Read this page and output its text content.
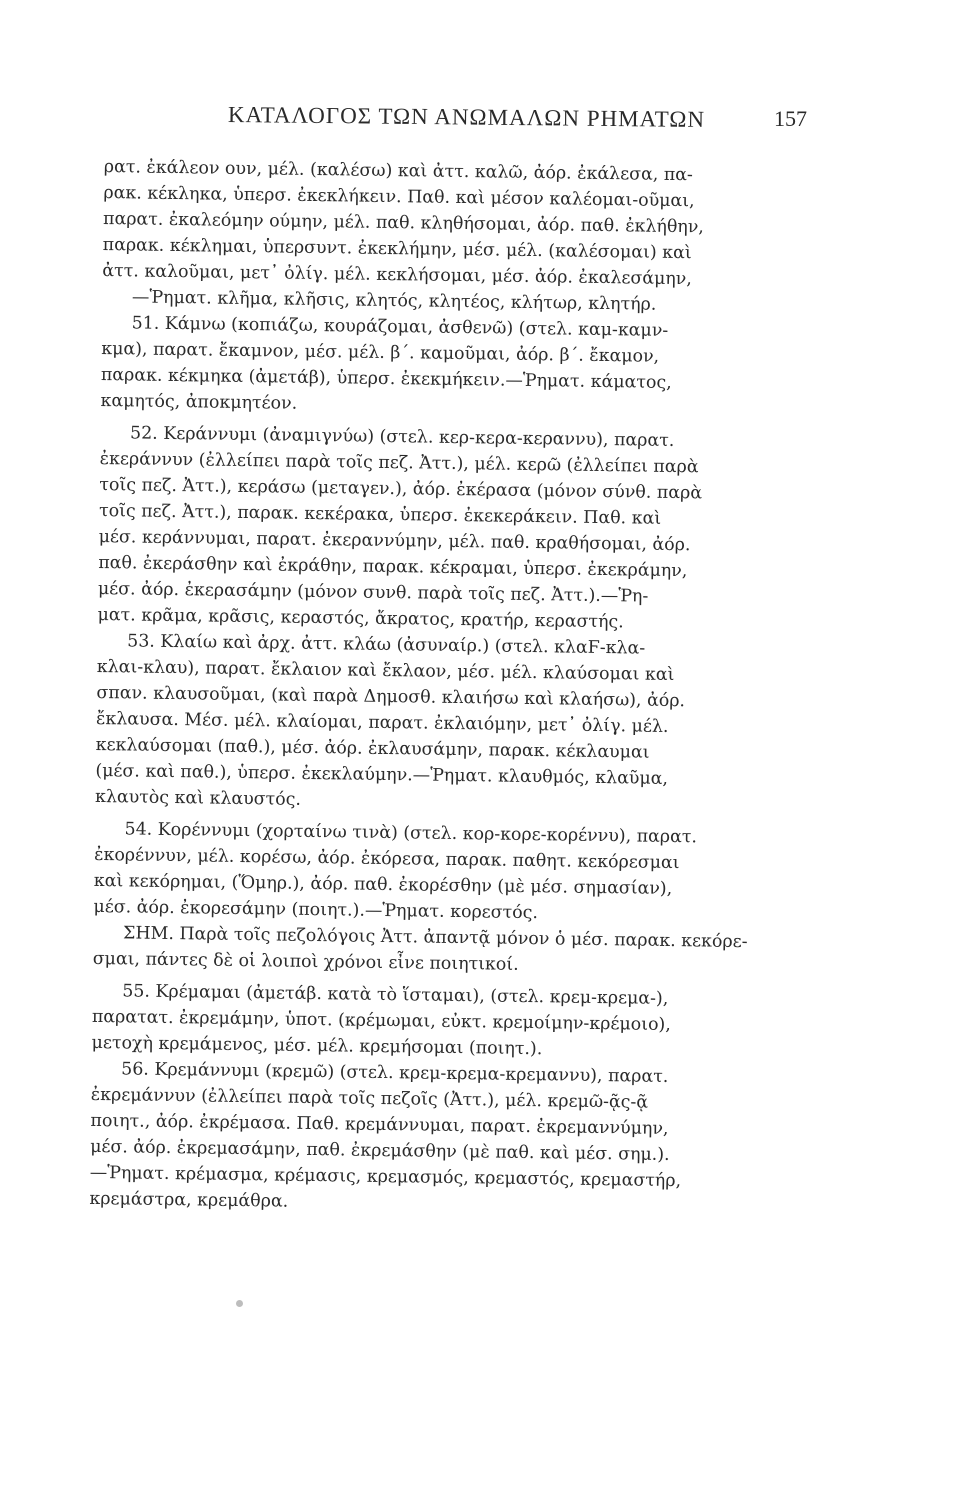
ΚΑΤΑΛΟΓΟΣ ΤΩΝ ΑΝΩΜΑΛΩΝ ΡΗΜΑΤΩΝ	157
ρατ. ἐκάλεον ουν, μέλ. (καλέσω) καὶ ἀττ. καλῶ, ἀόρ. ἐκάλεσα, πα-
ρακ. κέκληκα, ὑπερσ. ἐκεκλήκειν. Παθ. καὶ μέσον καλέομαι-οῦμαι,
παρατ. ἐκαλεόμην ούμην, μέλ. παθ. κληθήσομαι, ἀόρ. παθ. ἐκλήθην,
παρακ. κέκλημαι, ὑπερσυντ. ἐκεκλήμην, μέσ. μέλ. (καλέσομαι) καὶ
ἀττ. καλοῦμαι, μετ᾿ ὀλίγ. μέλ. κεκλήσομαι, μέσ. ἀόρ. ἐκαλεσάμην,
—Ῥηματ. κλῆμα, κλῆσις, κλητός, κλητέος, κλήτωρ, κλητήρ.
51. Κάμνω (κοπιάζω, κουράζομαι, ἀσθενῶ) (στελ. καμ-καμν-
κμα), παρατ. ἔκαμνον, μέσ. μέλ. β΄. καμοῦμαι, ἀόρ. β΄. ἔκαμον,
παρακ. κέκμηκα (ἀμετάβ), ὑπερσ. ἐκεκμήκειν.—Ῥηματ. κάματος,
καμητός, ἀποκμητέον.
52. Κεράννυμι (ἀναμιγνύω) (στελ. κερ-κερα-κεραννυ), παρατ.
ἐκεράννυν (ἐλλείπει παρὰ τοῖς πεζ. Ἀττ.), μέλ. κερῶ (ἐλλείπει παρὰ
τοῖς πεζ. Ἀττ.), κεράσω (μεταγεν.), ἀόρ. ἐκέρασα (μόνον σύνθ. παρὰ
τοῖς πεζ. Ἀττ.), παρακ. κεκέρακα, ὑπερσ. ἐκεκεράκειν. Παθ. καὶ
μέσ. κεράννυμαι, παρατ. ἐκεραννύμην, μέλ. παθ. κραθήσομαι, ἀόρ.
παθ. ἐκεράσθην καὶ ἐκράθην, παρακ. κέκραμαι, ὑπερσ. ἐκεκράμην,
μέσ. ἀόρ. ἐκερασάμην (μόνον συνθ. παρὰ τοῖς πεζ. Ἀττ.).—Ῥη-
ματ. κρᾶμα, κρᾶσις, κεραστός, ἄκρατος, κρατήρ, κεραστής.
53. Κλαίω καὶ ἀρχ. ἀττ. κλάω (ἀσυναίρ.) (στελ. κλαϜ-κλα-
κλαι-κλαυ), παρατ. ἔκλαιον καὶ ἔκλαον, μέσ. μέλ. κλαύσομαι καὶ
σπαν. κλαυσοῦμαι, (καὶ παρὰ Δημοσθ. κλαιήσω καὶ κλαήσω), ἀόρ.
ἔκλαυσα. Μέσ. μέλ. κλαίομαι, παρατ. ἐκλαιόμην, μετ᾿ ὀλίγ. μέλ.
κεκλαύσομαι (παθ.), μέσ. ἀόρ. ἐκλαυσάμην, παρακ. κέκλαυμαι
(μέσ. καὶ παθ.), ὑπερσ. ἐκεκλαύμην.—Ῥηματ. κλαυθμός, κλαῦμα,
κλαυτὸς καὶ κλαυστός.
54. Κορέννυμι (χορταίνω τινὰ) (στελ. κορ-κορε-κορέννυ), παρατ.
ἐκορέννυν, μέλ. κορέσω, ἀόρ. ἐκόρεσα, παρακ. παθητ. κεκόρεσμαι
καὶ κεκόρημαι, (Ὅμηρ.), ἀόρ. παθ. ἐκορέσθην (μὲ μέσ. σημασίαν),
μέσ. ἀόρ. ἐκορεσάμην (ποιητ.).—Ῥηματ. κορεστός.
ΣΗΜ. Παρὰ τοῖς πεζολόγοις Ἀττ. ἀπαντᾷ μόνον ὁ μέσ. παρακ. κεκόρε-
σμαι, πάντες δὲ οἱ λοιποὶ χρόνοι εἶνε ποιητικοί.
55. Κρέμαμαι (ἀμετάβ. κατὰ τὸ ἵσταμαι), (στελ. κρεμ-κρεμα-),
παρατατ. ἐκρεμάμην, ὑποτ. (κρέμωμαι, εὐκτ. κρεμοίμην-κρέμοιο),
μετοχὴ κρεμάμενος, μέσ. μέλ. κρεμήσομαι (ποιητ.).
56. Κρεμάννυμι (κρεμῶ) (στελ. κρεμ-κρεμα-κρεμαννυ), παρατ.
ἐκρεμάννυν (ἐλλείπει παρὰ τοῖς πεζοῖς (Ἀττ.), μέλ. κρεμῶ-ᾷς-ᾷ
ποιητ., ἀόρ. ἐκρέμασα. Παθ. κρεμάννυμαι, παρατ. ἐκρεμαννύμην,
μέσ. ἀόρ. ἐκρεμασάμην, παθ. ἐκρεμάσθην (μὲ παθ. καὶ μέσ. σημ.).
—Ῥηματ. κρέμασμα, κρέμασις, κρεμασμός, κρεμαστός, κρεμαστήρ,
κρεμάστρα, κρεμάθρα.
